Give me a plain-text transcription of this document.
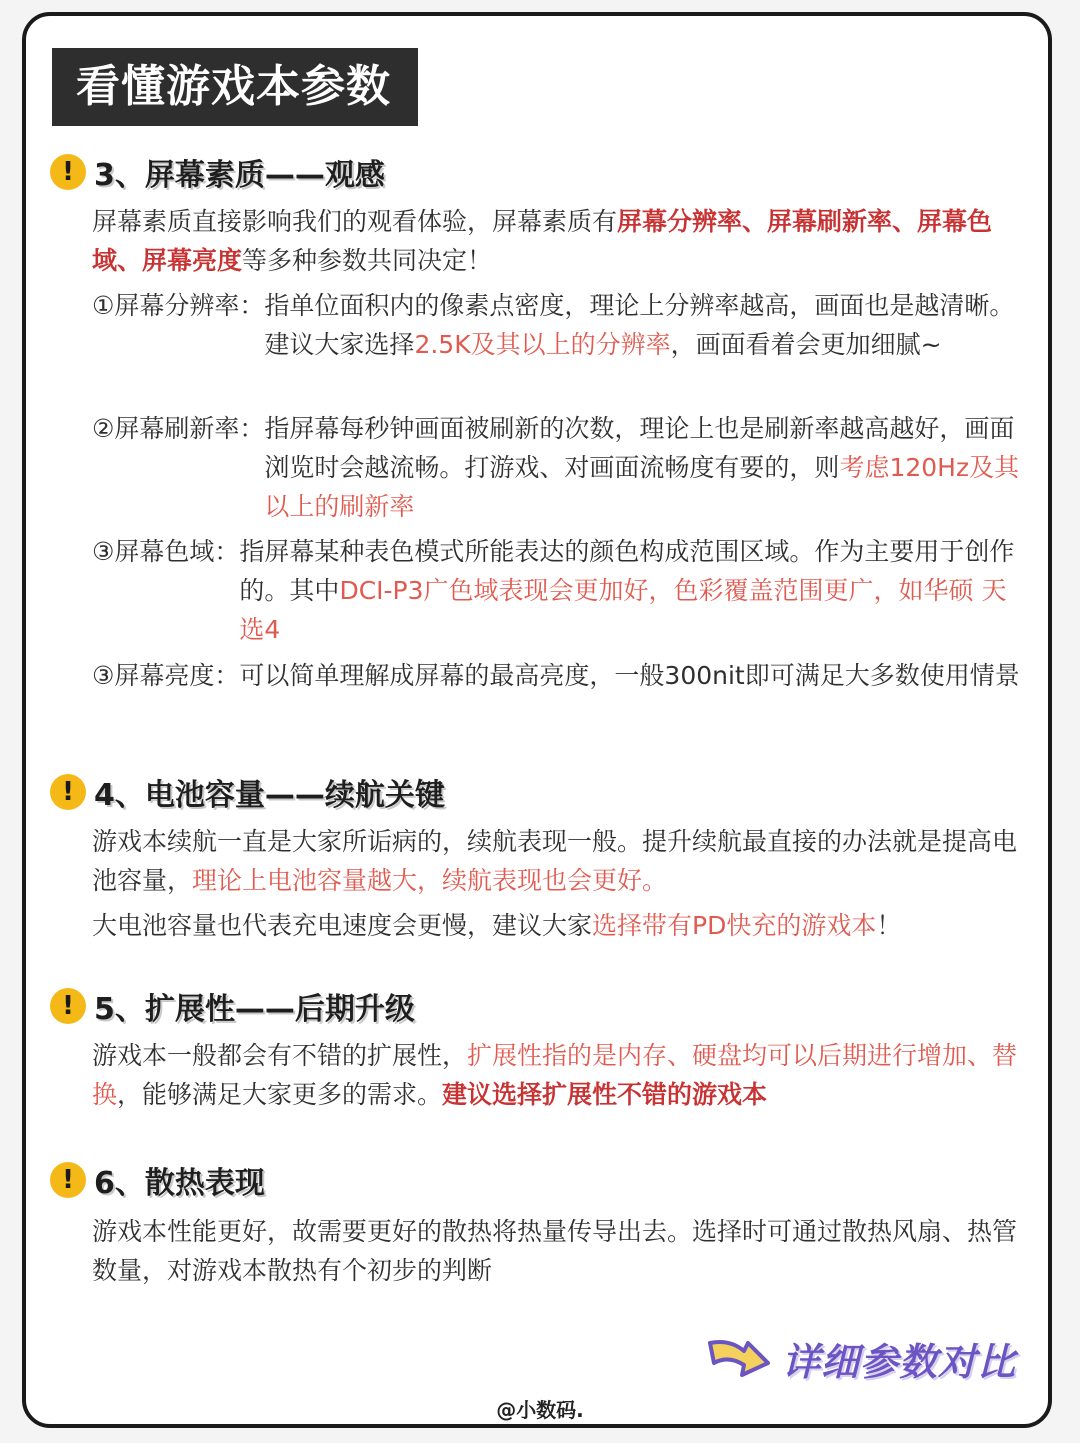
看懂游戏本参数
! 3、屏幕素质——观感
屏幕素质直接影响我们的观看体验，屏幕素质有屏幕分辨率、屏幕刷新率、屏幕色域、屏幕亮度等多种参数共同决定！
①屏幕分辨率： 指单位面积内的像素点密度，理论上分辨率越高，画面也是越清晰。建议大家选择2.5K及其以上的分辨率，画面看着会更加细腻~
②屏幕刷新率： 指屏幕每秒钟画面被刷新的次数，理论上也是刷新率越高越好，画面浏览时会越流畅。打游戏、对画面流畅度有要的，则考虑120Hz及其以上的刷新率
③屏幕色域： 指屏幕某种表色模式所能表达的颜色构成范围区域。作为主要用于创作的。其中DCI-P3广色域表现会更加好，色彩覆盖范围更广，如华硕 天选4
③屏幕亮度： 可以简单理解成屏幕的最高亮度，一般300nit即可满足大多数使用情景
! 4、电池容量——续航关键
游戏本续航一直是大家所诟病的，续航表现一般。提升续航最直接的办法就是提高电池容量，理论上电池容量越大，续航表现也会更好。
大电池容量也代表充电速度会更慢，建议大家选择带有PD快充的游戏本！
! 5、扩展性——后期升级
游戏本一般都会有不错的扩展性，扩展性指的是内存、硬盘均可以后期进行增加、替换，能够满足大家更多的需求。建议选择扩展性不错的游戏本
! 6、散热表现
游戏本性能更好，故需要更好的散热将热量传导出去。选择时可通过散热风扇、热管数量，对游戏本散热有个初步的判断
详细参数对比
@小数码.
